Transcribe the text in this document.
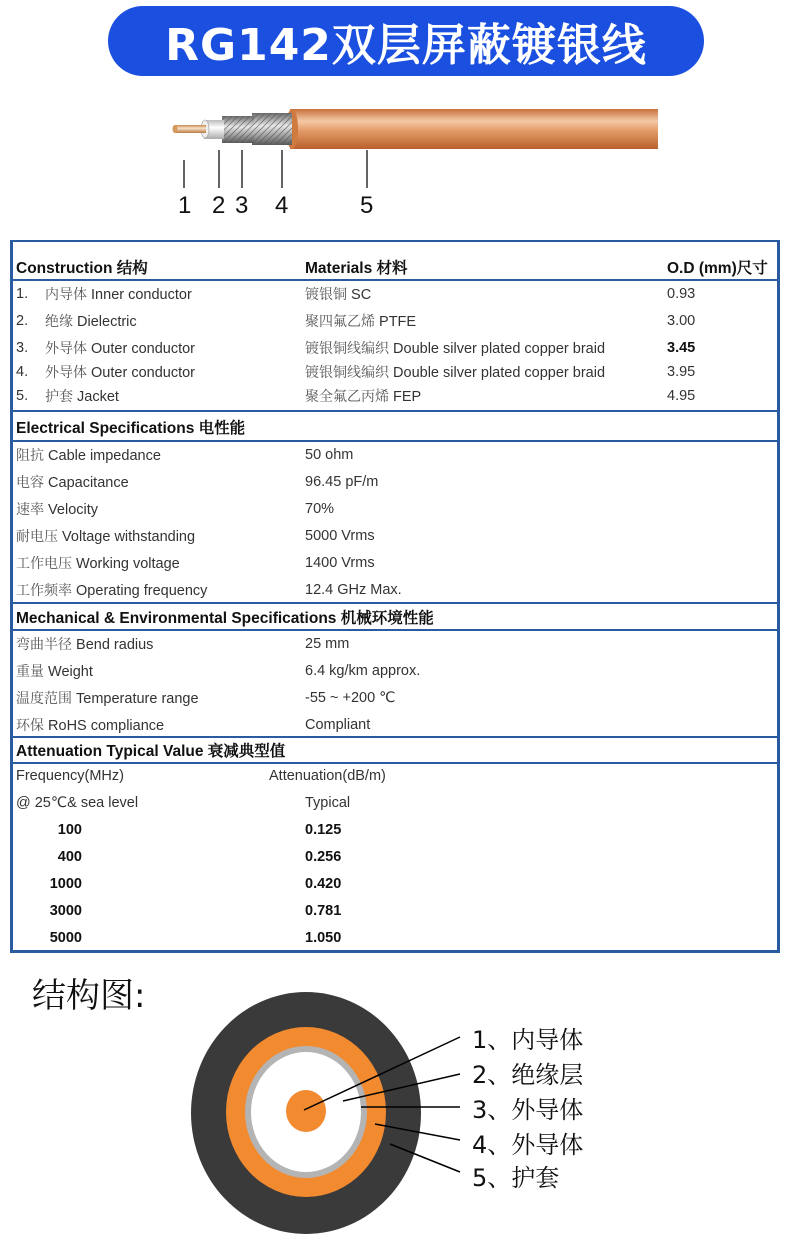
RG142双层屏蔽镀银线
1 2 3 4	5
Construction 结构	Materials 材料	O.D (mm)尺寸
1. 内导体 Inner conductor	镀银铜 SC	0.93
2. 绝缘 Dielectric	聚四氟乙烯 PTFE	3.00
3. 外导体 Outer conductor	镀银铜线编织 Double silver plated copper braid	3.45
4. 外导体 Outer conductor	镀银铜线编织 Double silver plated copper braid	3.95
5. 护套 Jacket	聚全氟乙丙烯 FEP	4.95
Electrical Specifications 电性能
阻抗 Cable impedance	50 ohm
电容 Capacitance	96.45 pF/m
速率 Velocity	70%
耐电压 Voltage withstanding	5000 Vrms
工作电压 Working voltage	1400 Vrms
工作频率 Operating frequency	12.4 GHz Max.
Mechanical & Environmental Specifications 机械环境性能
弯曲半径 Bend radius	25 mm
重量 Weight	6.4 kg/km approx.
温度范围 Temperature range	-55 ~ +200 ℃
环保 RoHS compliance	Compliant
Attenuation Typical Value 衰减典型值
Frequency(MHz)	Attenuation(dB/m)
@ 25℃& sea level	Typical
100	0.125
400	0.256
1000	0.420
3000	0.781
5000	1.050
结构图:
1、内导体
2、绝缘层
3、外导体
4、外导体
5、护套
